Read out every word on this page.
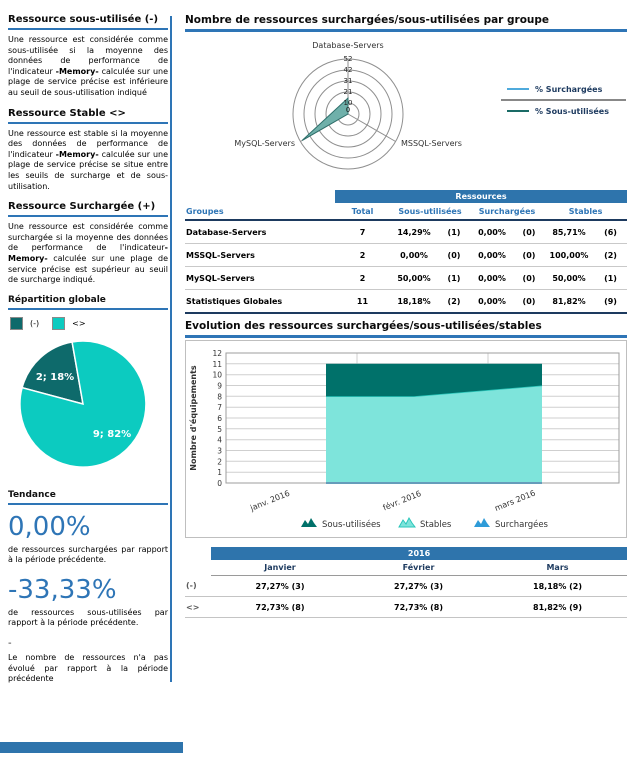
Ressource sous-utilisée (-)

Une ressource est considérée comme sous-utilisée si la moyenne des données de performance de l'indicateur -Memory- calculée sur une plage de service précise est inférieure au seuil de sous-utilisation indiqué

Ressource Stable <>

Une ressource est stable si la moyenne des données de performance de l'indicateur -Memory- calculée sur une plage de service précise se situe entre les seuils de surcharge et de sous-utilisation.

Ressource Surchargée (+)

Une ressource est considérée comme surchargée si la moyenne des données de performance de l'indicateur-Memory- calculée sur une plage de service précise est supérieur au seuil de surcharge indiqué.

Répartition globale
(-)	<>
2; 18%
9; 82%
Tendance
0,00%

de ressources surchargées par rapport à la période précédente.

-33,33%

de ressources sous-utilisées par rapport à la période précédente.

-

Le nombre de ressources n'a pas évolué par rapport à la période précédente

Nombre de ressources surchargées/sous-utilisées par groupe
0
10
21
31
42
52
Database-Servers
MySQL-Servers	MSSQL-Servers
% Surchargées
% Sous-utilisées
	Ressources						
Groupes	Total	Sous-utilisées		Surchargées		Stables	
Database-Servers	7	14,29%	(1)	0,00%	(0)	85,71%	(6)
MSSQL-Servers	2	0,00%	(0)	0,00%	(0)	100,00%	(2)
MySQL-Servers	2	50,00%	(1)	0,00%	(0)	50,00%	(1)
Statistiques Globales	11	18,18%	(2)	0,00%	(0)	81,82%	(9)
Evolution des ressources surchargées/sous-utilisées/stables
12
11
10
9
8
7
6
5
4
3
2
1
0
Nombre d'équipements
janv. 2016	févr. 2016	mars 2016
Sous-utilisées	Stables	Surchargées
	2016		
	Janvier	Février	Mars
(-)	27,27% (3)	27,27% (3)	18,18% (2)
<>	72,73% (8)	72,73% (8)	81,82% (9)
